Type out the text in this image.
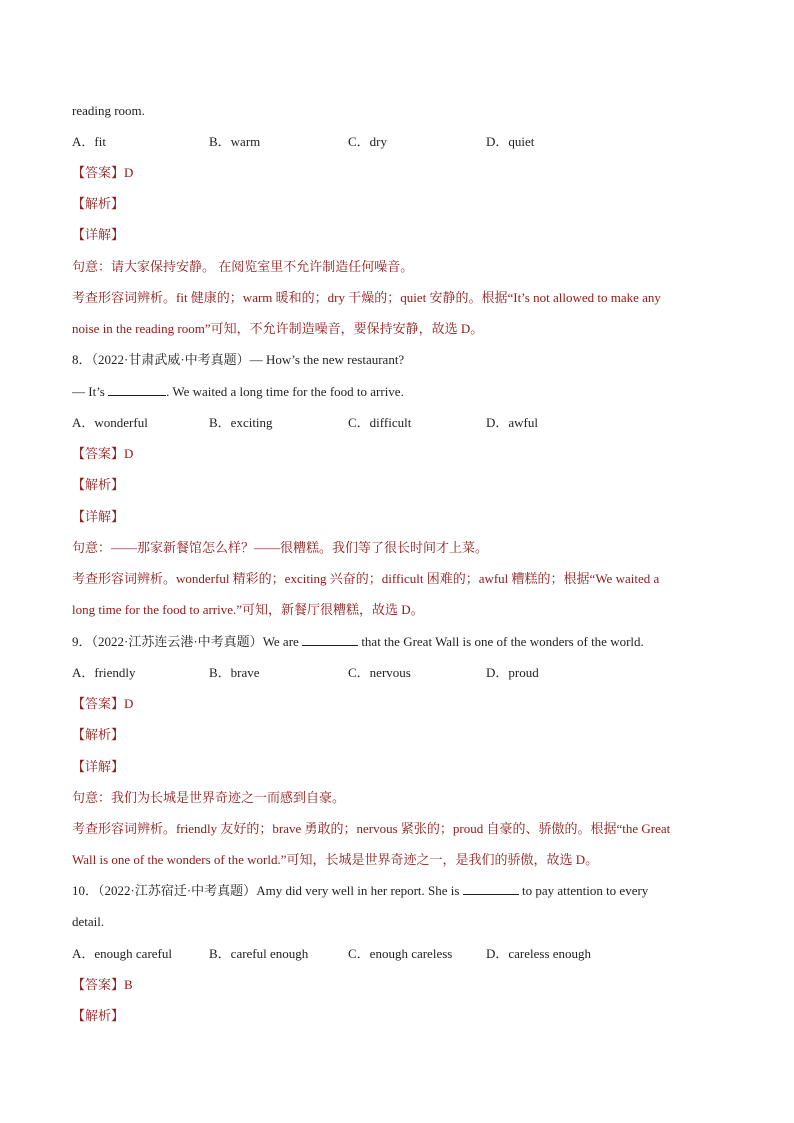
reading room.
A．fit	B．warm	C．dry	D．quiet
【答案】D
【解析】
【详解】
句意：请大家保持安静。 在阅览室里不允许制造任何噪音。
考查形容词辨析。fit 健康的；warm 暖和的；dry 干燥的；quiet 安静的。根据“It’s not allowed to make any
noise in the reading room”可知，不允许制造噪音，要保持安静，故选 D。
8．（2022·甘肃武威·中考真题）— How’s the new restaurant?
— It’s	. We waited a long time for the food to arrive.
A．wonderful	B．exciting	C．difficult	D．awful
【答案】D
【解析】
【详解】
句意：——那家新餐馆怎么样？——很糟糕。我们等了很长时间才上菜。
考查形容词辨析。wonderful 精彩的；exciting 兴奋的；difficult 困难的；awful 糟糕的；根据“We waited a
long time for the food to arrive.”可知，新餐厅很糟糕，故选 D。
9．（2022·江苏连云港·中考真题）We are	that the Great Wall is one of the wonders of the world.
A．friendly	B．brave	C．nervous	D．proud
【答案】D
【解析】
【详解】
句意：我们为长城是世界奇迹之一而感到自豪。
考查形容词辨析。friendly 友好的；brave 勇敢的；nervous 紧张的；proud 自豪的、骄傲的。根据“the Great
Wall is one of the wonders of the world.”可知，长城是世界奇迹之一，是我们的骄傲，故选 D。
10．（2022·江苏宿迁·中考真题）Amy did very well in her report. She is	to pay attention to every
detail.
A．enough careful	B．careful enough	C．enough careless	D．careless enough
【答案】B
【解析】
